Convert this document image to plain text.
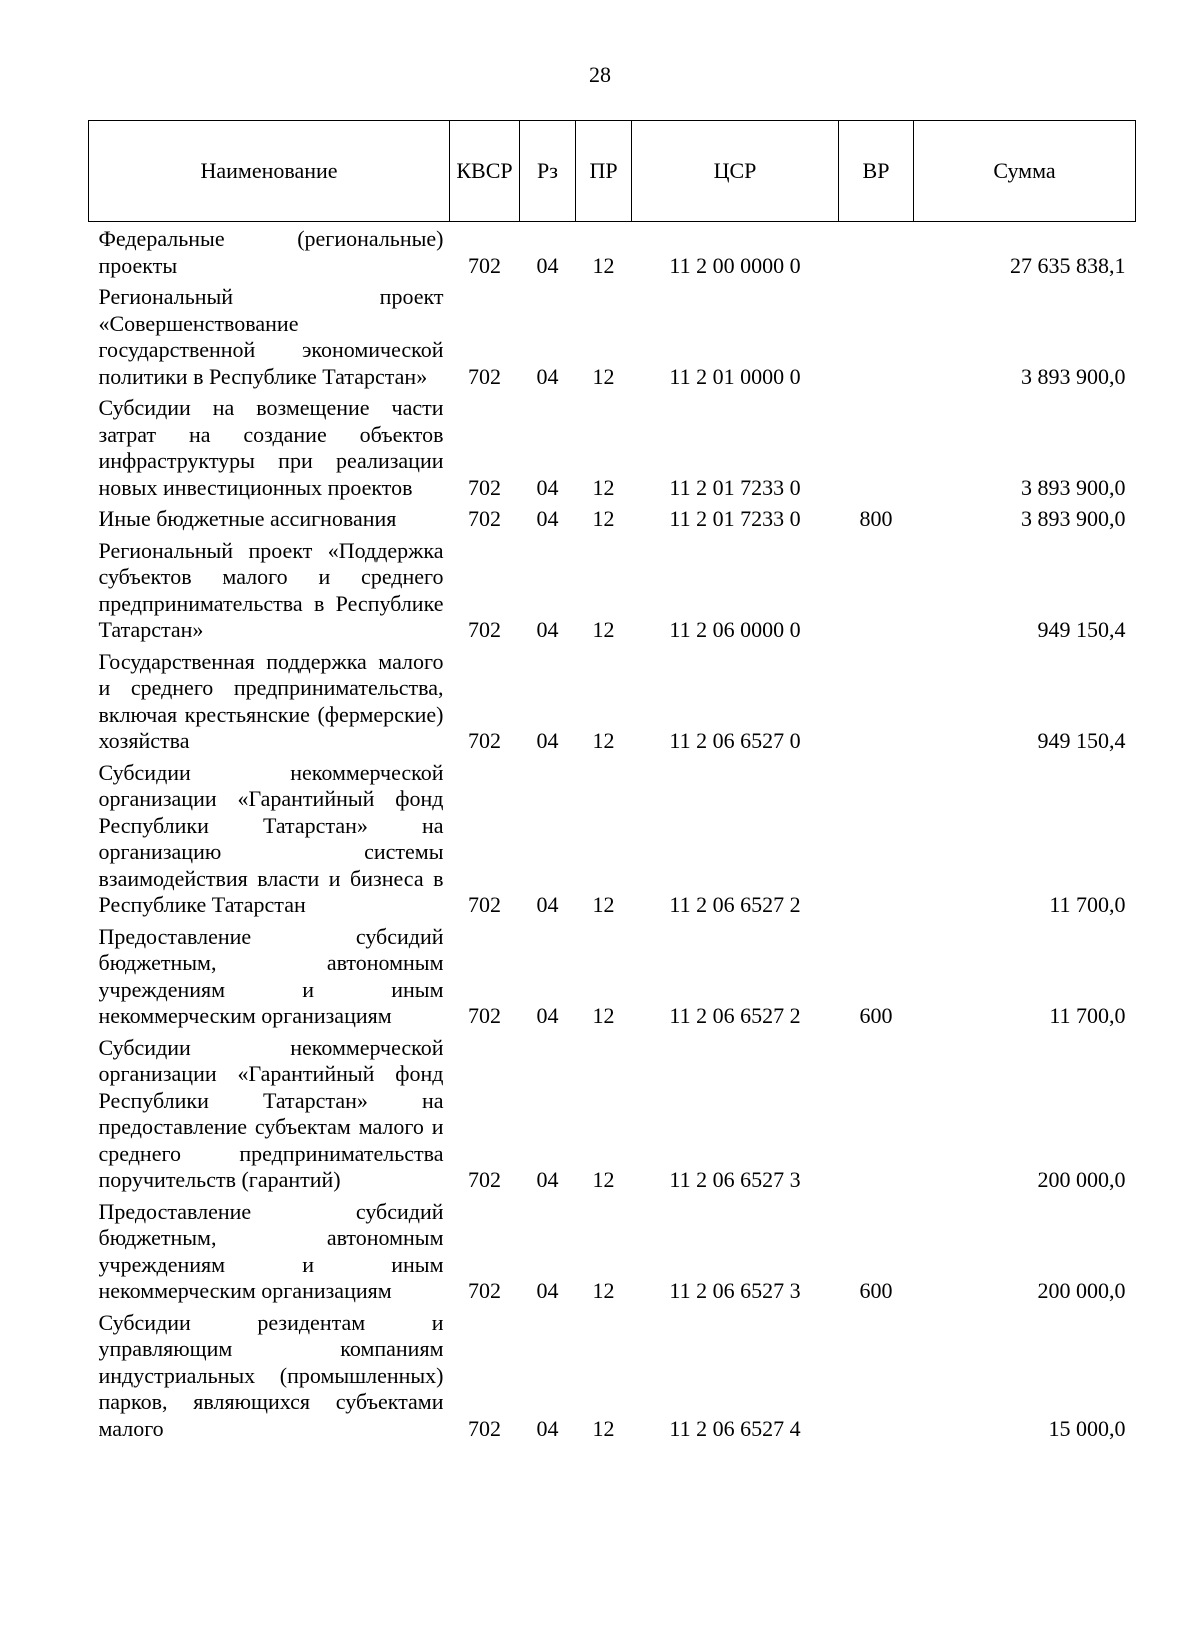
28
Наименование	КВСР	Рз	ПР	ЦСР	ВР	Сумма
Федеральные (региональные) проекты	702	04	12	11 2 00 0000 0		27 635 838,1
Региональный проект «Совершенствование государственной экономической политики в Республике Татарстан»	702	04	12	11 2 01 0000 0		3 893 900,0
Субсидии на возмещение части затрат на создание объектов инфраструктуры при реализации новых инвестиционных проектов	702	04	12	11 2 01 7233 0		3 893 900,0
Иные бюджетные ассигнования	702	04	12	11 2 01 7233 0	800	3 893 900,0
Региональный проект «Поддержка субъектов малого и среднего предпринимательства в Республике Татарстан»	702	04	12	11 2 06 0000 0		949 150,4
Государственная поддержка малого и среднего предпринимательства, включая крестьянские (фермерские) хозяйства	702	04	12	11 2 06 6527 0		949 150,4
Субсидии некоммерческой организации «Гарантийный фонд Республики Татарстан» на организацию системы взаимодействия власти и бизнеса в Республике Татарстан	702	04	12	11 2 06 6527 2		11 700,0
Предоставление субсидий бюджетным, автономным учреждениям и иным некоммерческим организациям	702	04	12	11 2 06 6527 2	600	11 700,0
Субсидии некоммерческой организации «Гарантийный фонд Республики Татарстан» на предоставление субъектам малого и среднего предпринимательства поручительств (гарантий)	702	04	12	11 2 06 6527 3		200 000,0
Предоставление субсидий бюджетным, автономным учреждениям и иным некоммерческим организациям	702	04	12	11 2 06 6527 3	600	200 000,0
Субсидии резидентам и управляющим компаниям индустриальных (промышленных) парков, являющихся субъектами малого	702	04	12	11 2 06 6527 4		15 000,0
